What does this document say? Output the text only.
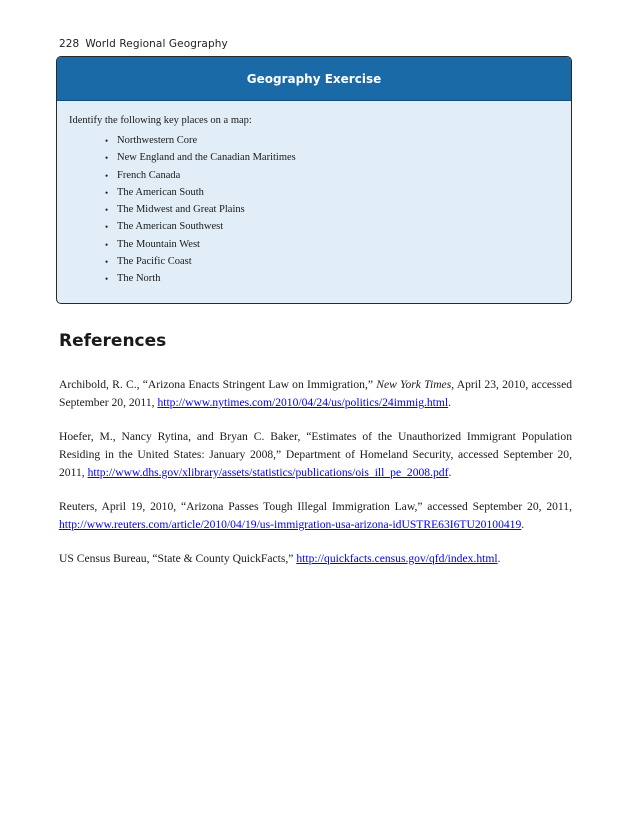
228 World Regional Geography
Geography Exercise

Identify the following key places on a map:

• Northwestern Core
• New England and the Canadian Maritimes
• French Canada
• The American South
• The Midwest and Great Plains
• The American Southwest
• The Mountain West
• The Pacific Coast
• The North
References

Archibold, R. C., “Arizona Enacts Stringent Law on Immigration,” New York Times, April 23, 2010, accessed September 20, 2011, http://www.nytimes.com/2010/04/24/us/politics/24immig.html.

Hoefer, M., Nancy Rytina, and Bryan C. Baker, “Estimates of the Unauthorized Immigrant Population Residing in the United States: January 2008,” Department of Homeland Security, accessed September 20, 2011, http://www.dhs.gov/xlibrary/assets/statistics/publications/ois_ill_pe_2008.pdf.

Reuters, April 19, 2010, “Arizona Passes Tough Illegal Immigration Law,” accessed September 20, 2011, http://www.reuters.com/article/2010/04/19/us-immigration-usa-arizona-idUSTRE63I6TU20100419.

US Census Bureau, “State & County QuickFacts,” http://quickfacts.census.gov/qfd/index.html.
